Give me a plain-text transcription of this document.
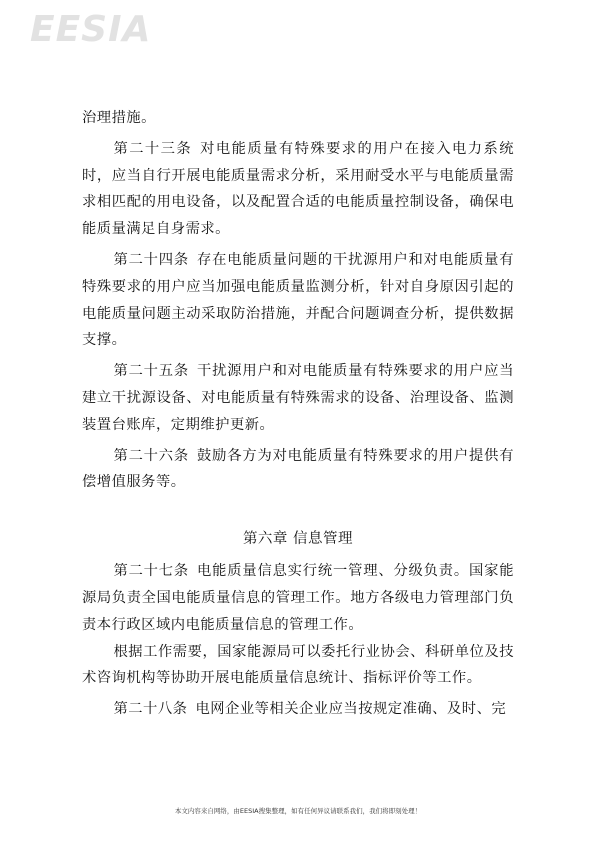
EESIA

治理措施。

第二十三条 对电能质量有特殊要求的用户在接入电力系统时，应当自行开展电能质量需求分析，采用耐受水平与电能质量需求相匹配的用电设备，以及配置合适的电能质量控制设备，确保电能质量满足自身需求。

第二十四条 存在电能质量问题的干扰源用户和对电能质量有特殊要求的用户应当加强电能质量监测分析，针对自身原因引起的电能质量问题主动采取防治措施，并配合问题调查分析，提供数据支撑。

第二十五条 干扰源用户和对电能质量有特殊要求的用户应当建立干扰源设备、对电能质量有特殊需求的设备、治理设备、监测装置台账库，定期维护更新。

第二十六条 鼓励各方为对电能质量有特殊要求的用户提供有偿增值服务等。

第六章 信息管理

第二十七条 电能质量信息实行统一管理、分级负责。国家能源局负责全国电能质量信息的管理工作。地方各级电力管理部门负责本行政区域内电能质量信息的管理工作。

根据工作需要，国家能源局可以委托行业协会、科研单位及技术咨询机构等协助开展电能质量信息统计、指标评价等工作。

第二十八条 电网企业等相关企业应当按规定准确、及时、完

本文内容来自网络，由EESIA搜集整理，如有任何异议请联系我们，我们将即刻处理！
